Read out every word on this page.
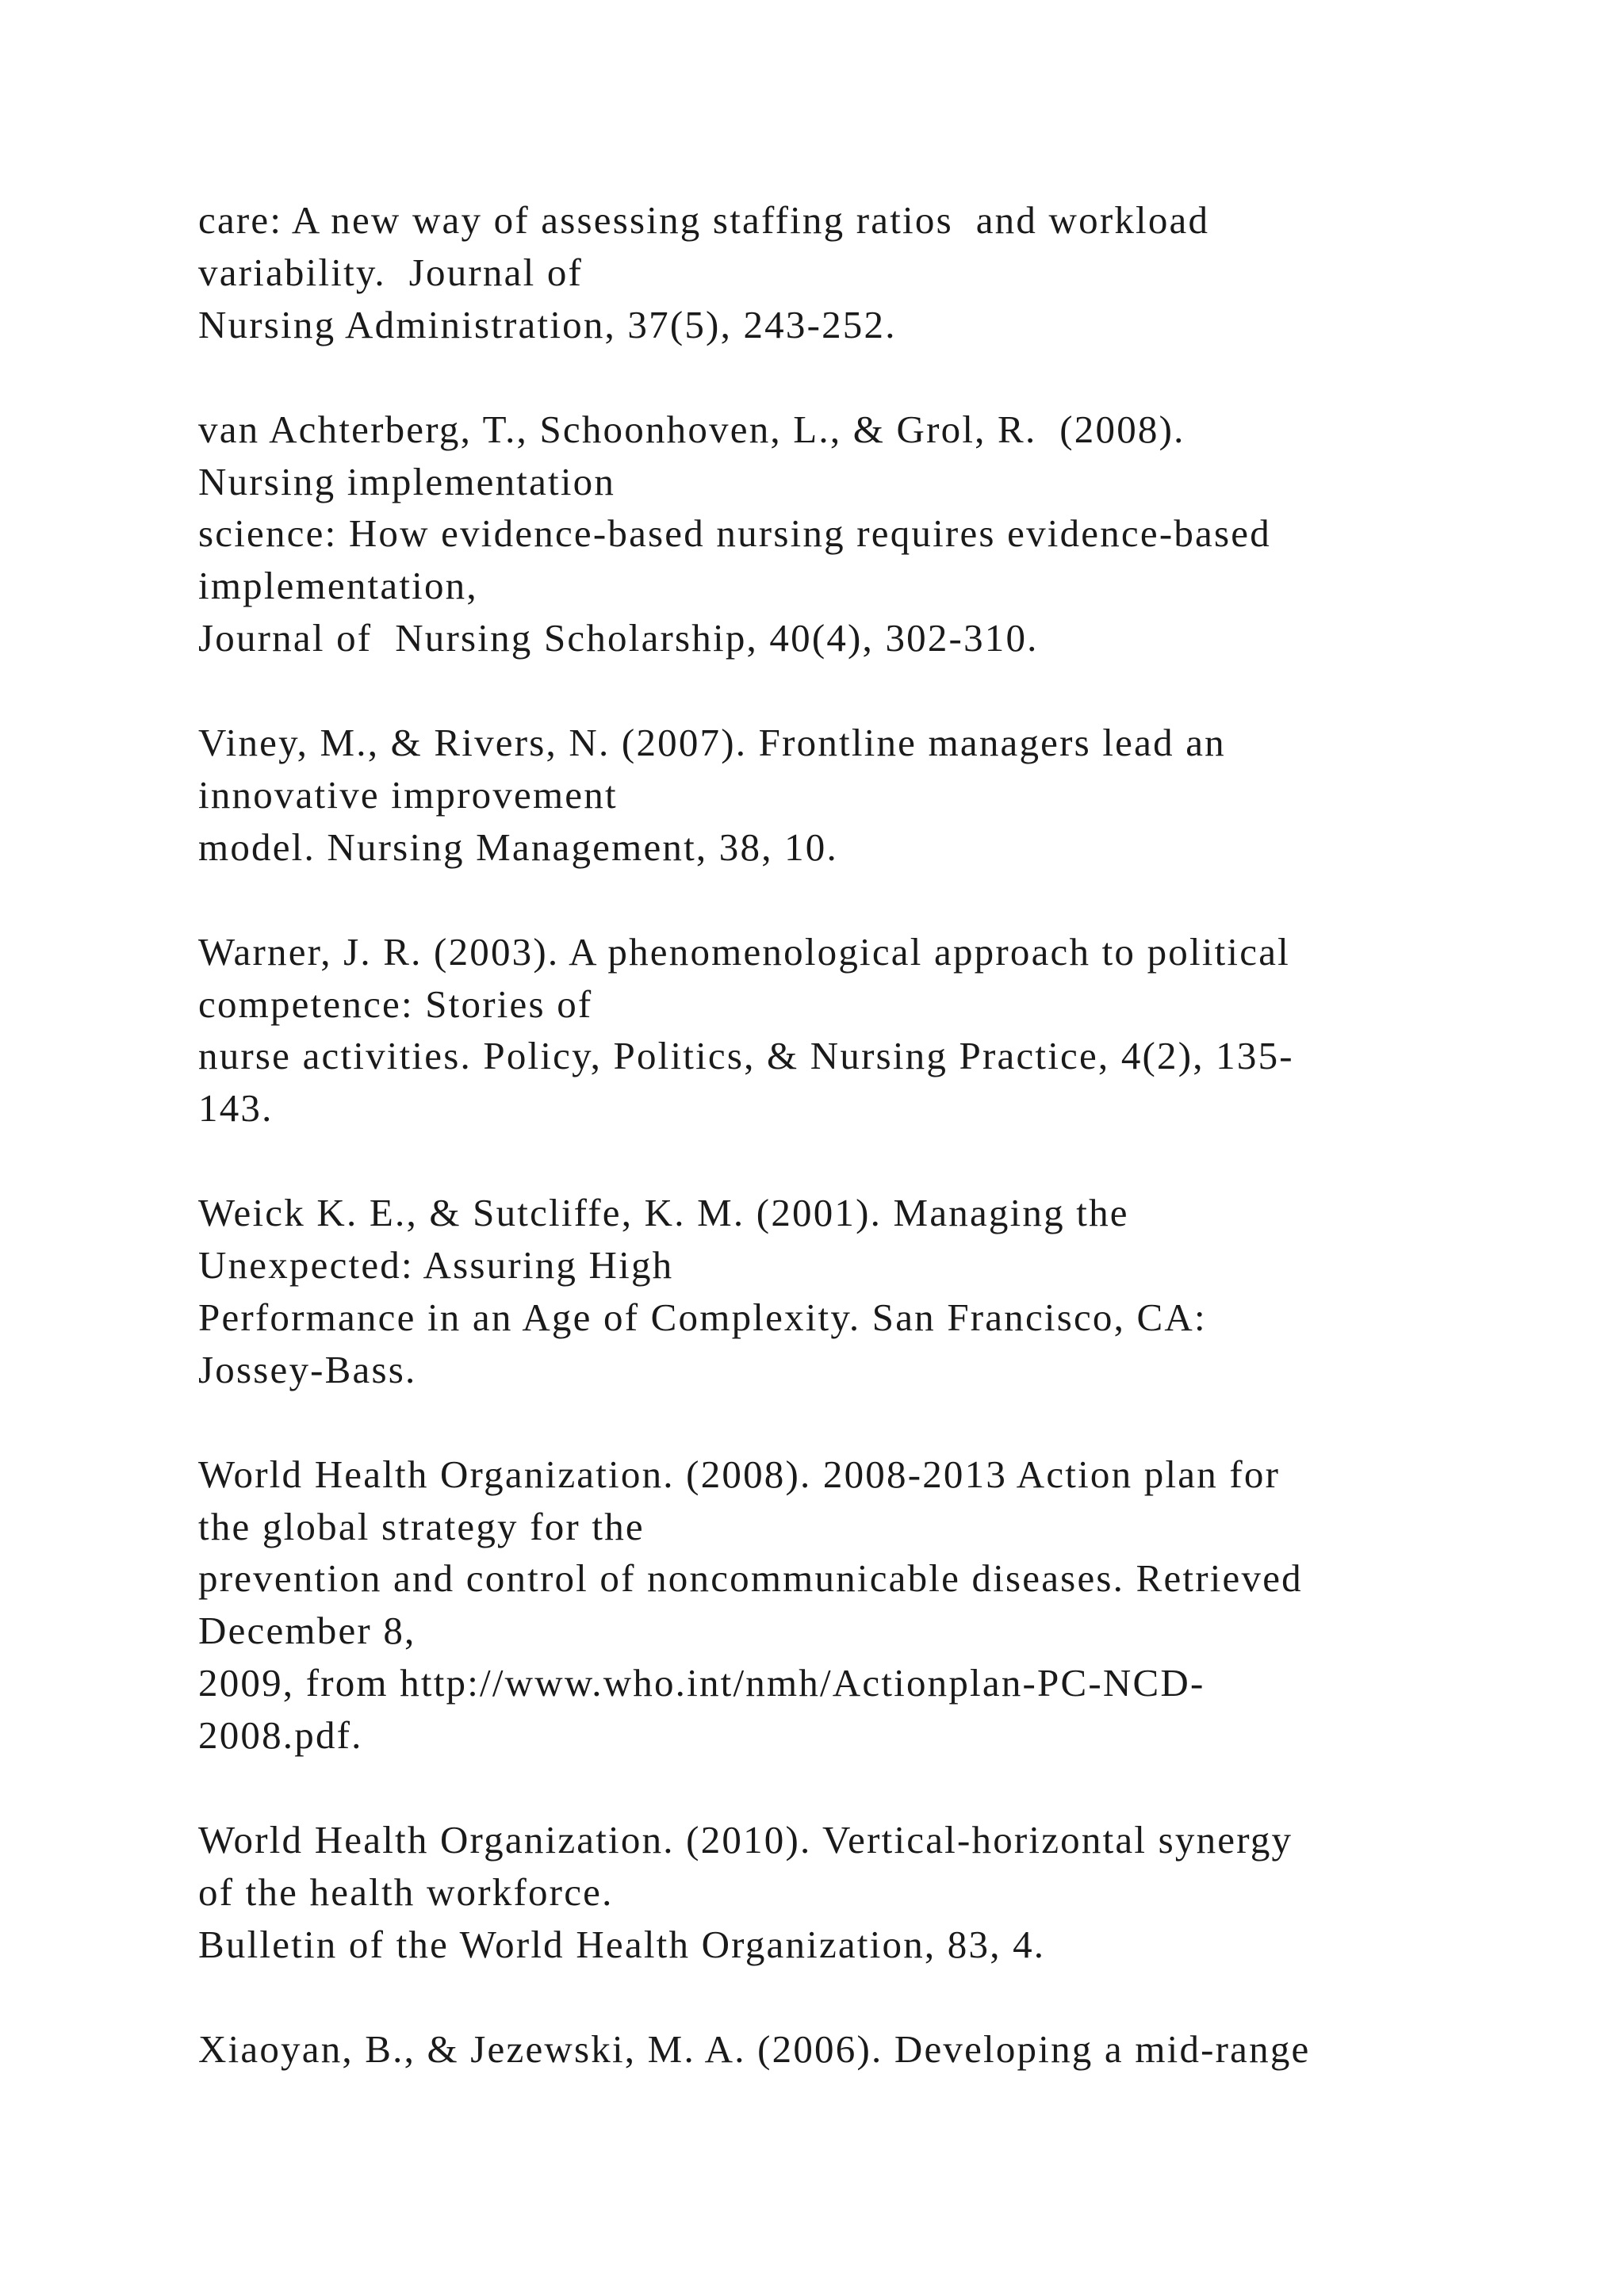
care: A new way of assessing staffing ratios  and workload
variability.  Journal of
Nursing Administration, 37(5), 243-252.
van Achterberg, T., Schoonhoven, L., & Grol, R.  (2008).
Nursing implementation
science: How evidence-based nursing requires evidence-based
implementation,
Journal of  Nursing Scholarship, 40(4), 302-310.
Viney, M., & Rivers, N. (2007). Frontline managers lead an
innovative improvement
model. Nursing Management, 38, 10.
Warner, J. R. (2003). A phenomenological approach to political
competence: Stories of
nurse activities. Policy, Politics, & Nursing Practice, 4(2), 135-
143.
Weick K. E., & Sutcliffe, K. M. (2001). Managing the
Unexpected: Assuring High
Performance in an Age of Complexity. San Francisco, CA:
Jossey-Bass.
World Health Organization. (2008). 2008-2013 Action plan for
the global strategy for the
prevention and control of noncommunicable diseases. Retrieved
December 8,
2009, from http://www.who.int/nmh/Actionplan-PC-NCD-
2008.pdf.
World Health Organization. (2010). Vertical-horizontal synergy
of the health workforce.
Bulletin of the World Health Organization, 83, 4.
Xiaoyan, B., & Jezewski, M. A. (2006). Developing a mid-range
